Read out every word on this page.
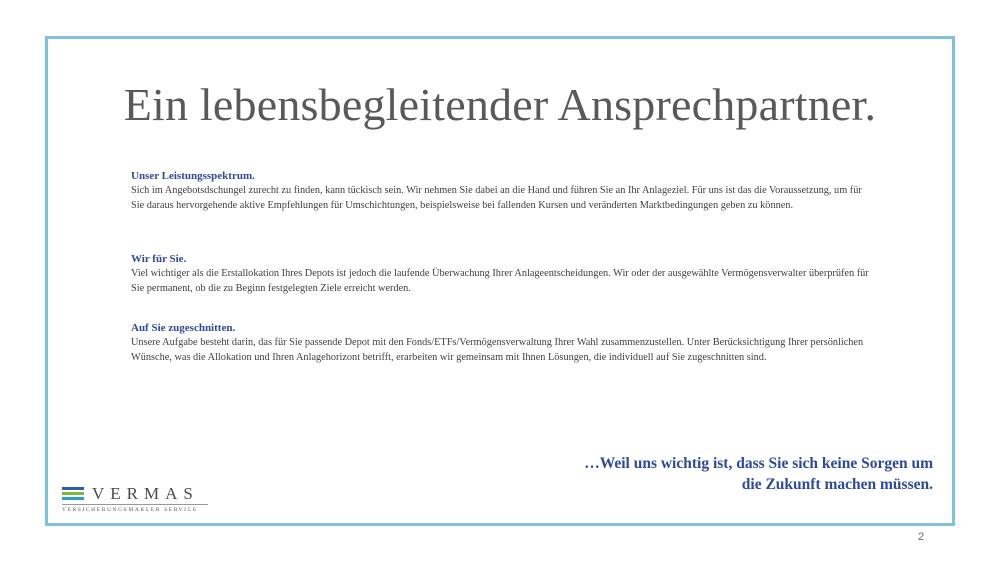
Ein lebensbegleitender Ansprechpartner.
Unser Leistungsspektrum.

Sich im Angebotsdschungel zurecht zu finden, kann tückisch sein. Wir nehmen Sie dabei an die Hand und führen Sie an Ihr Anlageziel. Für uns ist das die Voraussetzung, um für Sie daraus hervorgehende aktive Empfehlungen für Umschichtungen, beispielsweise bei fallenden Kursen und veränderten Marktbedingungen geben zu können.

Wir für Sie.

Viel wichtiger als die Erstallokation Ihres Depots ist jedoch die laufende Überwachung Ihrer Anlageentscheidungen. Wir oder der ausgewählte Vermögensverwalter überprüfen für Sie permanent, ob die zu Beginn festgelegten Ziele erreicht werden.

Auf Sie zugeschnitten.

Unsere Aufgabe besteht darin, das für Sie passende Depot mit den Fonds/ETFs/Vermögensverwaltung Ihrer Wahl zusammenzustellen. Unter Berücksichtigung Ihrer persönlichen Wünsche, was die Allokation und Ihren Anlagehorizont betrifft, erarbeiten wir gemeinsam mit Ihnen Lösungen, die individuell auf Sie zugeschnitten sind.

…Weil uns wichtig ist, dass Sie sich keine Sorgen um
die Zukunft machen müssen.
VERMAS
VERSICHERUNGSMAKLER SERVICE
2
